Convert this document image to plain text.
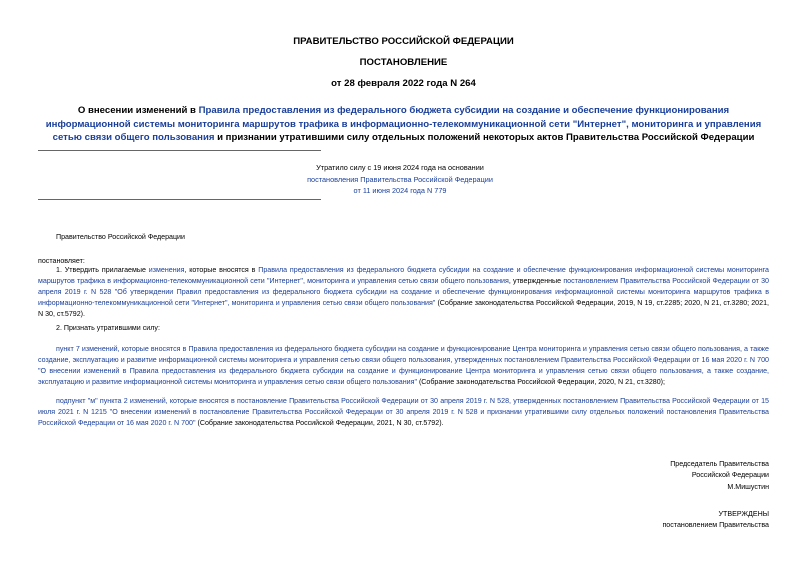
ПРАВИТЕЛЬСТВО РОССИЙСКОЙ ФЕДЕРАЦИИ
ПОСТАНОВЛЕНИЕ
от 28 февраля 2022 года N 264
О внесении изменений в Правила предоставления из федерального бюджета субсидии на создание и обеспечение функционирования информационной системы мониторинга маршрутов трафика в информационно-телекоммуникационной сети "Интернет", мониторинга и управления сетью связи общего пользования и признании утратившими силу отдельных положений некоторых актов Правительства Российской Федерации
Утратило силу с 19 июня 2024 года на основании
постановления Правительства Российской Федерации
от 11 июня 2024 года N 779
Правительство Российской Федерации
постановляет:
1. Утвердить прилагаемые изменения, которые вносятся в Правила предоставления из федерального бюджета субсидии на создание и обеспечение функционирования информационной системы мониторинга маршрутов трафика в информационно-телекоммуникационной сети "Интернет", мониторинга и управления сетью связи общего пользования, утвержденные постановлением Правительства Российской Федерации от 30 апреля 2019 г. N 528 "Об утверждении Правил предоставления из федерального бюджета субсидии на создание и обеспечение функционирования информационной системы мониторинга маршрутов трафика в информационно-телекоммуникационной сети "Интернет", мониторинга и управления сетью связи общего пользования" (Собрание законодательства Российской Федерации, 2019, N 19, ст.2285; 2020, N 21, ст.3280; 2021, N 30, ст.5792).
2. Признать утратившими силу:
пункт 7 изменений, которые вносятся в Правила предоставления из федерального бюджета субсидии на создание и функционирование Центра мониторинга и управления сетью связи общего пользования, а также создание, эксплуатацию и развитие информационной системы мониторинга и управления сетью связи общего пользования, утвержденных постановлением Правительства Российской Федерации от 16 мая 2020 г. N 700 "О внесении изменений в Правила предоставления из федерального бюджета субсидии на создание и функционирование Центра мониторинга и управления сетью связи общего пользования, а также создание, эксплуатацию и развитие информационной системы мониторинга и управления сетью связи общего пользования" (Собрание законодательства Российской Федерации, 2020, N 21, ст.3280);
подпункт "м" пункта 2 изменений, которые вносятся в постановление Правительства Российской Федерации от 30 апреля 2019 г. N 528, утвержденных постановлением Правительства Российской Федерации от 15 июля 2021 г. N 1215 "О внесении изменений в постановление Правительства Российской Федерации от 30 апреля 2019 г. N 528 и признании утратившими силу отдельных положений постановления Правительства Российской Федерации от 16 мая 2020 г. N 700" (Собрание законодательства Российской Федерации, 2021, N 30, ст.5792).
Председатель Правительства
Российской Федерации
М.Мишустин
УТВЕРЖДЕНЫ
постановлением Правительства
